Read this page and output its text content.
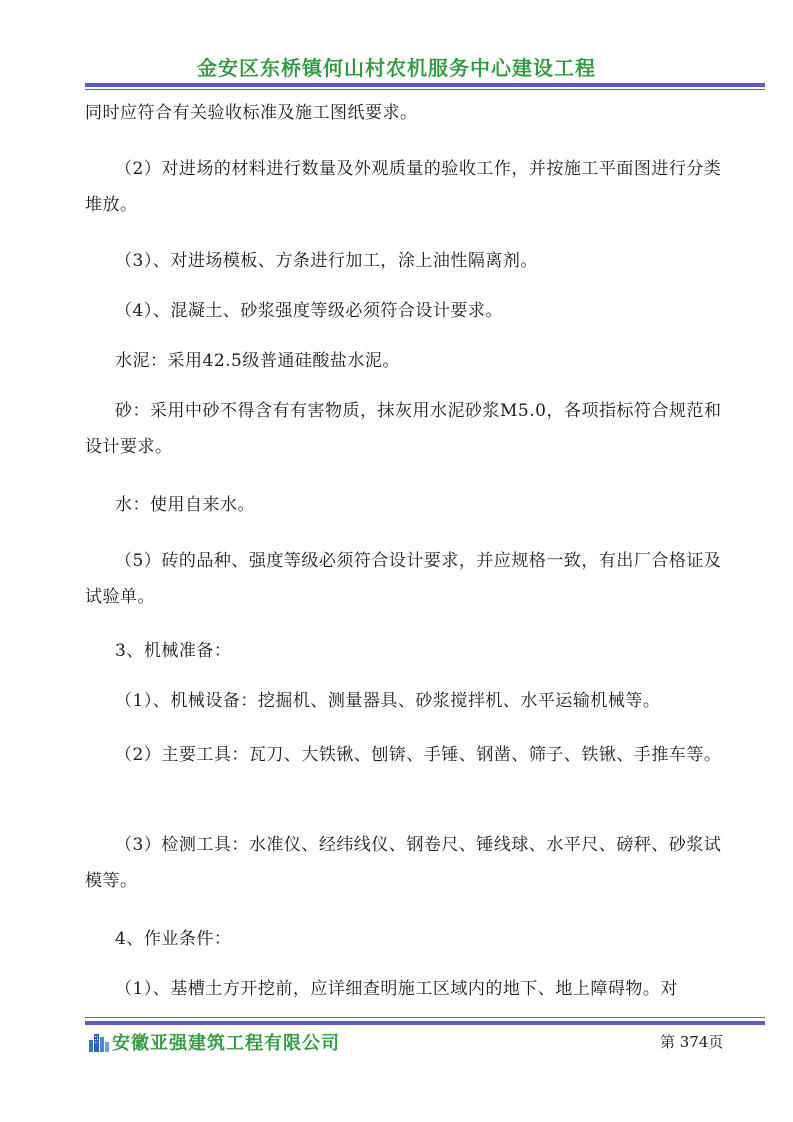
金安区东桥镇何山村农机服务中心建设工程

同时应符合有关验收标准及施工图纸要求。

（2）对进场的材料进行数量及外观质量的验收工作，并按施工平面图进行分类堆放。

（3）、对进场模板、方条进行加工，涂上油性隔离剂。

（4）、混凝土、砂浆强度等级必须符合设计要求。

水泥：采用42.5级普通硅酸盐水泥。

砂：采用中砂不得含有有害物质，抹灰用水泥砂浆M5.0，各项指标符合规范和设计要求。

水：使用自来水。

（5）砖的品种、强度等级必须符合设计要求，并应规格一致，有出厂合格证及试验单。

3、机械准备：

（1）、机械设备：挖掘机、测量器具、砂浆搅拌机、水平运输机械等。

（2）主要工具：瓦刀、大铁锹、刨锛、手锤、钢凿、筛子、铁锹、手推车等。

（3）检测工具：水准仪、经纬线仪、钢卷尺、锤线球、水平尺、磅秤、砂浆试模等。

4、作业条件：

（1）、基槽土方开挖前，应详细查明施工区域内的地下、地上障碍物。对

安徽亚强建筑工程有限公司	第 374页
